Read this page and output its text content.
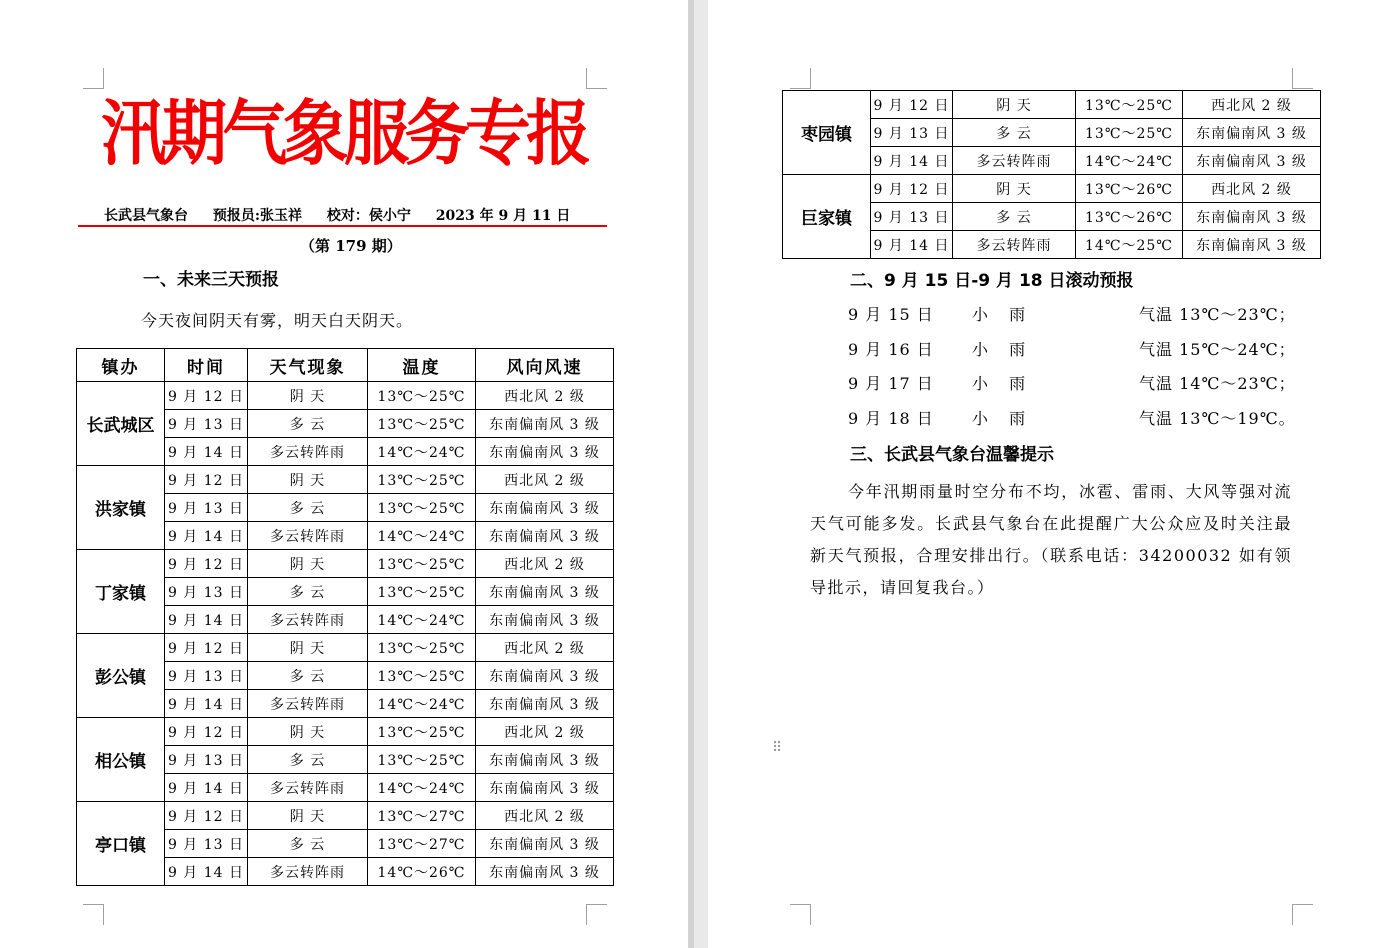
汛期气象服务专报
长武县气象台 预报员:张玉祥 校对：侯小宁 2023 年 9 月 11 日
（第 179 期）
一、未来三天预报
今天夜间阴天有雾，明天白天阴天。
镇办	时间	天气现象	温度	风向风速
长武城区	9 月 12 日	阴 天	13℃～25℃	西北风 2 级
	9 月 13 日	多 云	13℃～25℃	东南偏南风 3 级
	9 月 14 日	多云转阵雨	14℃～24℃	东南偏南风 3 级
洪家镇	9 月 12 日	阴 天	13℃～25℃	西北风 2 级
	9 月 13 日	多 云	13℃～25℃	东南偏南风 3 级
	9 月 14 日	多云转阵雨	14℃～24℃	东南偏南风 3 级
丁家镇	9 月 12 日	阴 天	13℃～25℃	西北风 2 级
	9 月 13 日	多 云	13℃～25℃	东南偏南风 3 级
	9 月 14 日	多云转阵雨	14℃～24℃	东南偏南风 3 级
彭公镇	9 月 12 日	阴 天	13℃～25℃	西北风 2 级
	9 月 13 日	多 云	13℃～25℃	东南偏南风 3 级
	9 月 14 日	多云转阵雨	14℃～24℃	东南偏南风 3 级
相公镇	9 月 12 日	阴 天	13℃～25℃	西北风 2 级
	9 月 13 日	多 云	13℃～25℃	东南偏南风 3 级
	9 月 14 日	多云转阵雨	14℃～24℃	东南偏南风 3 级
亭口镇	9 月 12 日	阴 天	13℃～27℃	西北风 2 级
	9 月 13 日	多 云	13℃～27℃	东南偏南风 3 级
	9 月 14 日	多云转阵雨	14℃～26℃	东南偏南风 3 级
枣园镇	9 月 12 日	阴 天	13℃～25℃	西北风 2 级
	9 月 13 日	多 云	13℃～25℃	东南偏南风 3 级
	9 月 14 日	多云转阵雨	14℃～24℃	东南偏南风 3 级
巨家镇	9 月 12 日	阴 天	13℃～26℃	西北风 2 级
	9 月 13 日	多 云	13℃～26℃	东南偏南风 3 级
	9 月 14 日	多云转阵雨	14℃～25℃	东南偏南风 3 级
二、9 月 15 日-9 月 18 日滚动预报
9 月 15 日 小 雨	气温 13℃～23℃；
9 月 16 日 小 雨	气温 15℃～24℃；
9 月 17 日 小 雨	气温 14℃～23℃；
9 月 18 日 小 雨	气温 13℃～19℃。
三、长武县气象台温馨提示
今年汛期雨量时空分布不均，冰雹、雷雨、大风等强对流天气可能多发。长武县气象台在此提醒广大公众应及时关注最新天气预报，合理安排出行。（联系电话：34200032 如有领导批示，请回复我台。）
⠿
